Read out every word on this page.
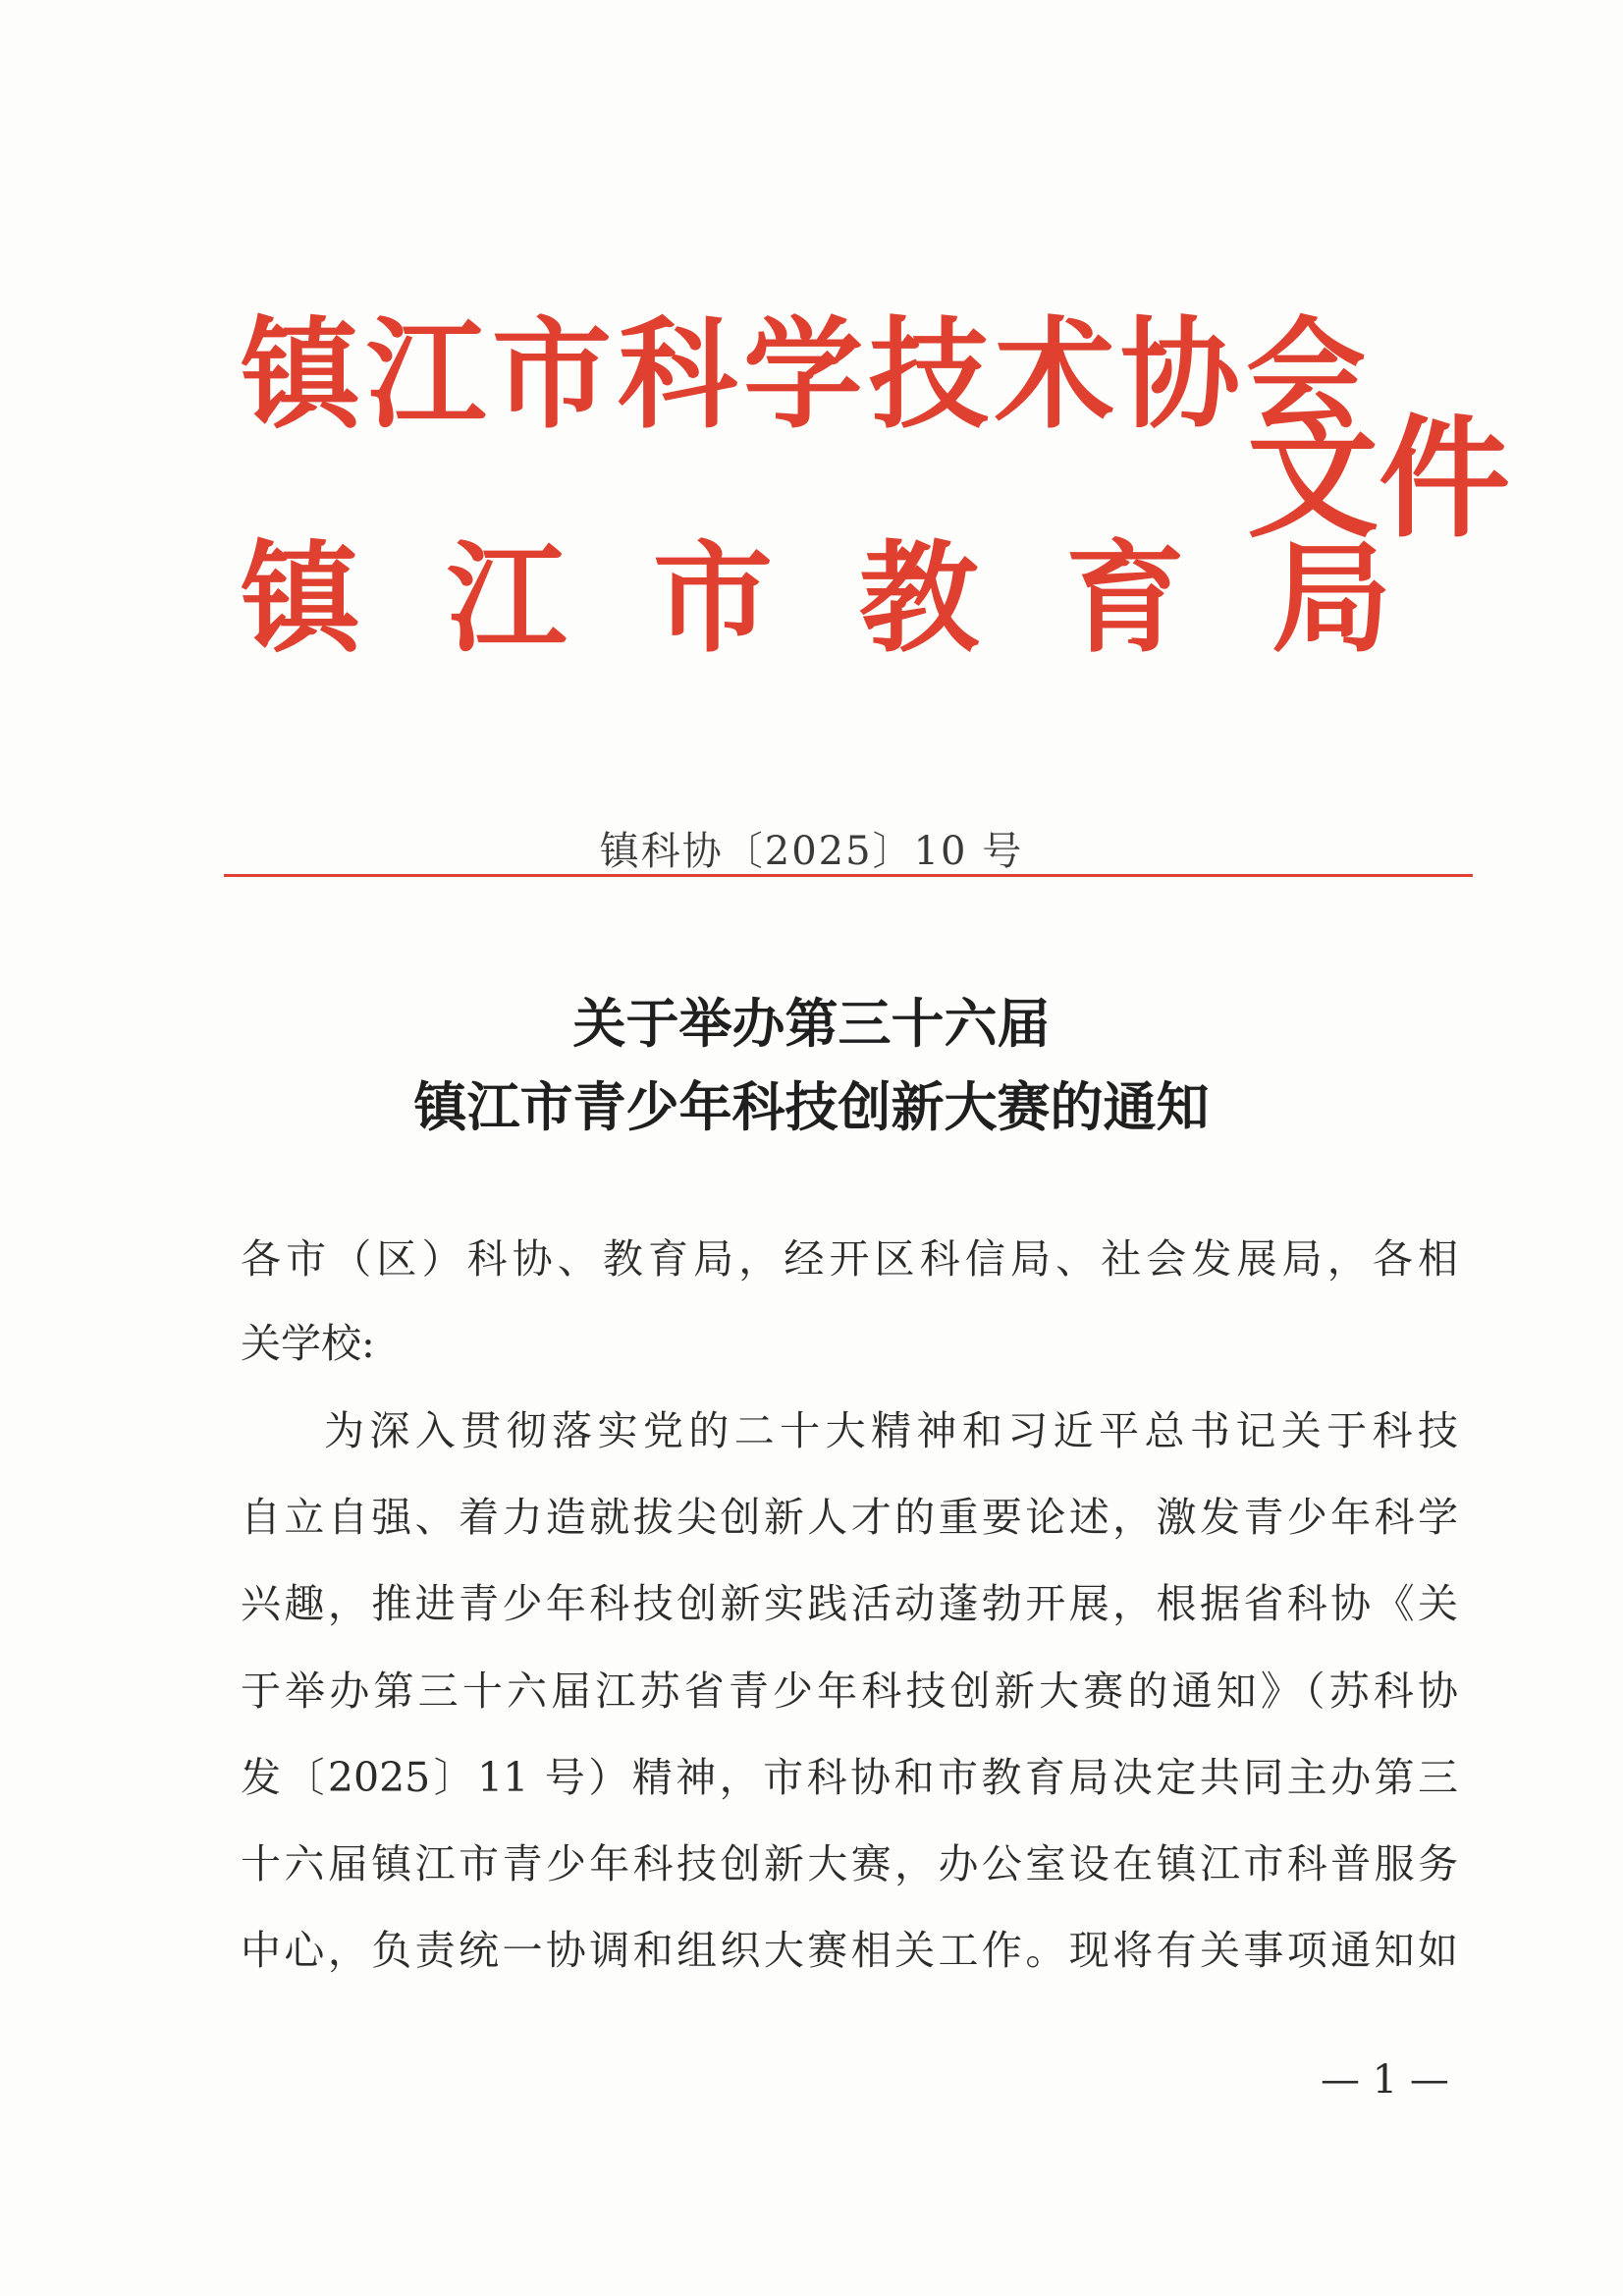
镇江市科学技术协会
镇江市教育局
文件
镇科协〔2025〕10 号
关于举办第三十六届
镇江市青少年科技创新大赛的通知
各市（区）科协、教育局，经开区科信局、社会发展局，各相
关学校:
为深入贯彻落实党的二十大精神和习近平总书记关于科技
自立自强、着力造就拔尖创新人才的重要论述，激发青少年科学
兴趣，推进青少年科技创新实践活动蓬勃开展，根据省科协《关
于举办第三十六届江苏省青少年科技创新大赛的通知》（苏科协
发〔2025〕11 号）精神，市科协和市教育局决定共同主办第三
十六届镇江市青少年科技创新大赛，办公室设在镇江市科普服务
中心，负责统一协调和组织大赛相关工作。现将有关事项通知如
— 1 —
